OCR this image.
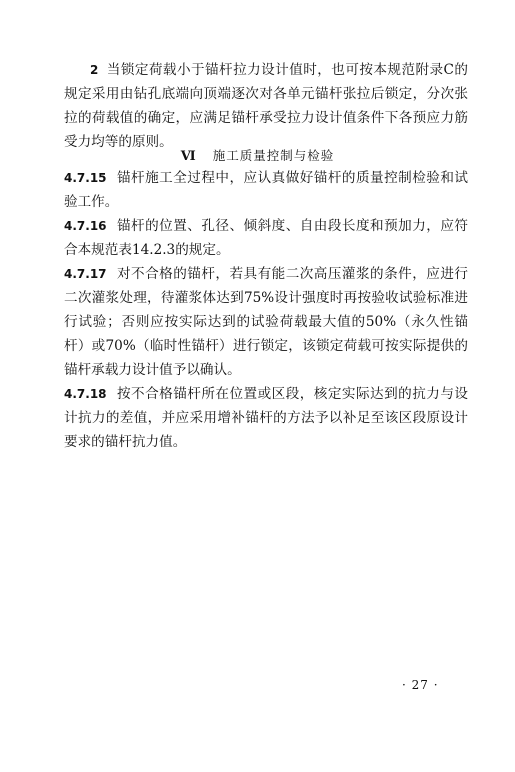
2 当锁定荷载小于锚杆拉力设计值时，也可按本规范附录C的规定采用由钻孔底端向顶端逐次对各单元锚杆张拉后锁定，分次张拉的荷载值的确定，应满足锚杆承受拉力设计值条件下各预应力筋受力均等的原则。

Ⅵ 施工质量控制与检验

4.7.15 锚杆施工全过程中，应认真做好锚杆的质量控制检验和试验工作。

4.7.16 锚杆的位置、孔径、倾斜度、自由段长度和预加力，应符合本规范表14.2.3的规定。

4.7.17 对不合格的锚杆，若具有能二次高压灌浆的条件，应进行二次灌浆处理，待灌浆体达到75%设计强度时再按验收试验标准进行试验；否则应按实际达到的试验荷载最大值的50%（永久性锚杆）或70%（临时性锚杆）进行锁定，该锁定荷载可按实际提供的锚杆承载力设计值予以确认。

4.7.18 按不合格锚杆所在位置或区段，核定实际达到的抗力与设计抗力的差值，并应采用增补锚杆的方法予以补足至该区段原设计要求的锚杆抗力值。

· 27 ·
